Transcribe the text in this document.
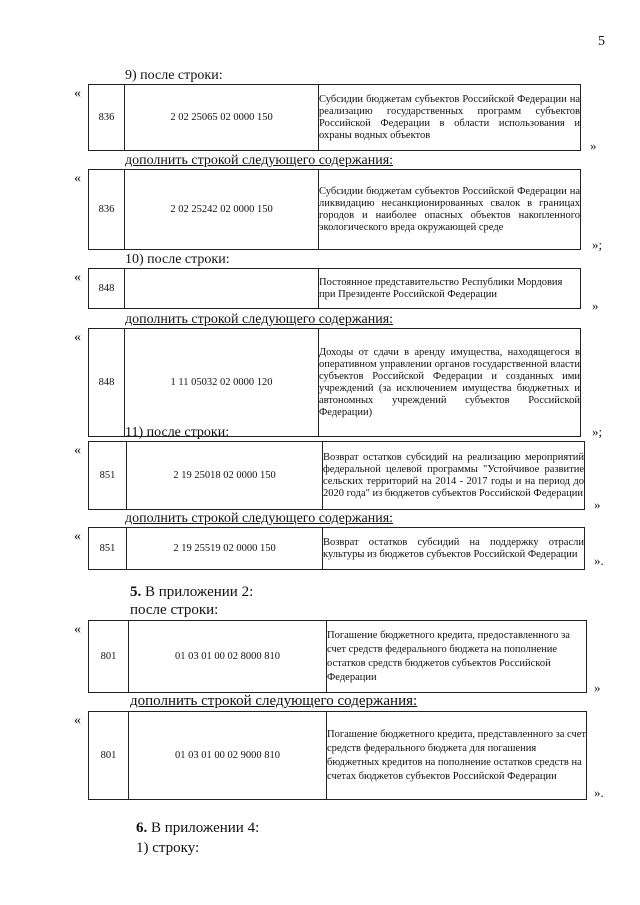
5
9) после строки:
«
836	2 02 25065 02 0000 150	Субсидии бюджетам субъектов Российской Федерации на реализацию государственных программ субъектов Российской Федерации в области использования и охраны водных объектов
»
дополнить строкой следующего содержания:
«
836	2 02 25242 02 0000 150	Субсидии бюджетам субъектов Российской Федерации на ликвидацию несанкционированных свалок в границах городов и наиболее опасных объектов накопленного экологического вреда окружающей среде
»;
10) после строки:
«
848		Постоянное представительство Республики Мордовия при Президенте Российской Федерации
»
дополнить строкой следующего содержания:
«
848	1 11 05032 02 0000 120	Доходы от сдачи в аренду имущества, находящегося в оперативном управлении органов государственной власти субъектов Российской Федерации и созданных ими учреждений (за исключением имущества бюджетных и автономных учреждений субъектов Российской Федерации)
»;
11) после строки:
«
851	2 19 25018 02 0000 150	Возврат остатков субсидий на реализацию мероприятий федеральной целевой программы "Устойчивое развитие сельских территорий на 2014 - 2017 годы и на период до 2020 года" из бюджетов субъектов Российской Федерации
»
дополнить строкой следующего содержания:
«
851	2 19 25519 02 0000 150	Возврат остатков субсидий на поддержку отрасли культуры из бюджетов субъектов Российской Федерации ».
5. В приложении 2:
после строки:
«
801	01 03 01 00 02 8000 810	Погашение бюджетного кредита, предоставленного за счет средств федерального бюджета на пополнение остатков средств бюджетов субъектов Российской Федерации
»
дополнить строкой следующего содержания:
«
801	01 03 01 00 02 9000 810	Погашение бюджетного кредита, представленного за счет средств федерального бюджета для погашения бюджетных кредитов на пополнение остатков средств на счетах бюджетов субъектов Российской Федерации
».
6. В приложении 4:
1) строку:
